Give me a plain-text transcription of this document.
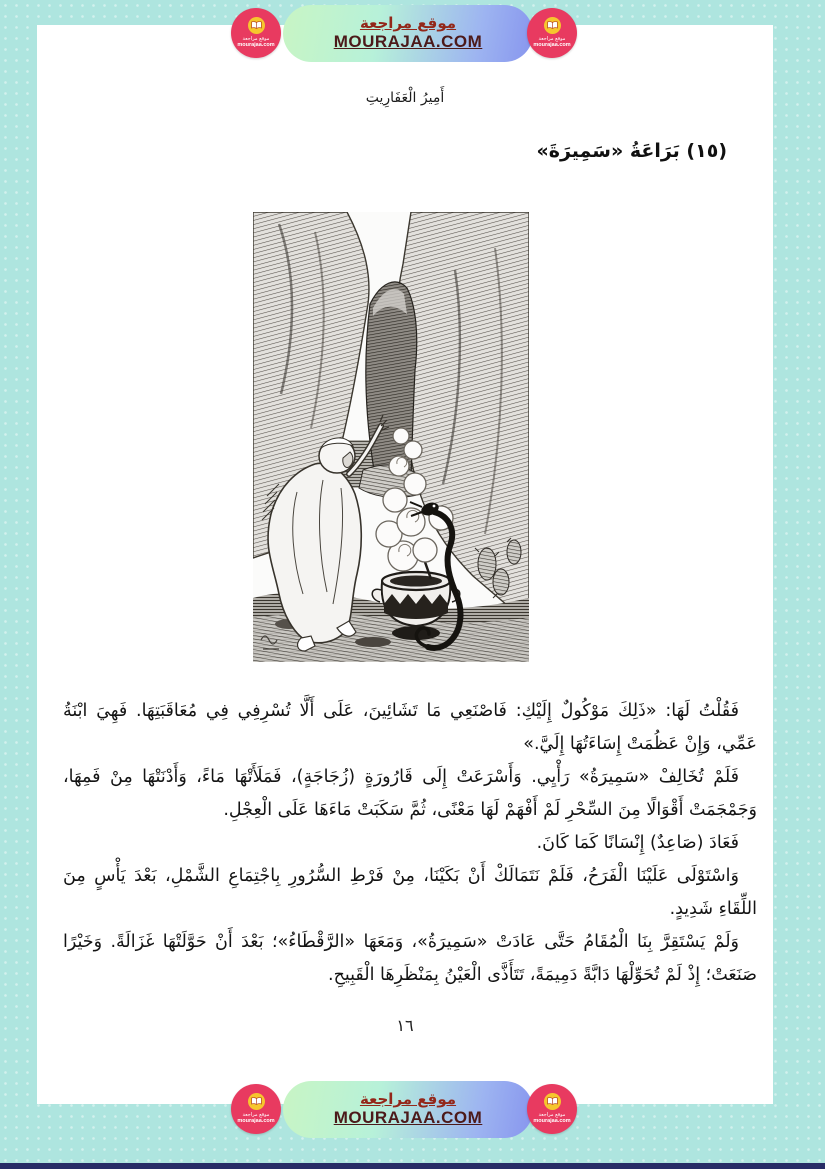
موقع مراجعة
mourajaa.com
موقع مراجعة
MOURAJAA.COM	موقع مراجعة
mourajaa.com
أَمِيرُ الْعَفَارِيتِ
(١٥) بَرَاعَةُ «سَمِيرَةَ»

فَقُلْتُ لَهَا: «ذَلِكَ مَوْكُولٌ إِلَيْكِ: فَاصْنَعِي مَا تَشَائِينَ، عَلَى أَلَّا تُسْرِفِي فِي مُعَاقَبَتِهَا. فَهِيَ ابْنَةُ عَمِّي، وَإِنْ عَظُمَتْ إِسَاءَتُهَا إِلَيَّ.»

فَلَمْ تُخَالِفْ «سَمِيرَةُ» رَأْيِي. وَأَسْرَعَتْ إِلَى قَارُورَةٍ (زُجَاجَةٍ)، فَمَلَأَتْهَا مَاءً، وَأَدْنَتْهَا مِنْ فَمِهَا، وَجَمْجَمَتْ أَقْوَالًا مِنَ السِّحْرِ لَمْ أَفْهَمْ لَهَا مَعْنًى، ثُمَّ سَكَبَتْ مَاءَهَا عَلَى الْعِجْلِ.

فَعَادَ (صَاعِدٌ) إِنْسَانًا كَمَا كَانَ.

وَاسْتَوْلَى عَلَيْنَا الْفَرَحُ، فَلَمْ نَتَمَالَكْ أَنْ بَكَيْنَا، مِنْ فَرْطِ السُّرُورِ بِاجْتِمَاعِ الشَّمْلِ، بَعْدَ يَأْسٍ مِنَ اللِّقَاءِ شَدِيدٍ.

وَلَمْ يَسْتَقِرَّ بِنَا الْمُقَامُ حَتَّى عَادَتْ «سَمِيرَةُ»، وَمَعَهَا «الرَّقْطَاءُ»؛ بَعْدَ أَنْ حَوَّلَتْهَا غَزَالَةً. وَخَيْرًا صَنَعَتْ؛ إِذْ لَمْ تُحَوِّلْهَا دَابَّةً دَمِيمَةً، تَتَأَذَّى الْعَيْنُ بِمَنْظَرِهَا الْقَبِيحِ.

١٦
موقع مراجعة
mourajaa.com
موقع مراجعة
MOURAJAA.COM	موقع مراجعة
mourajaa.com
